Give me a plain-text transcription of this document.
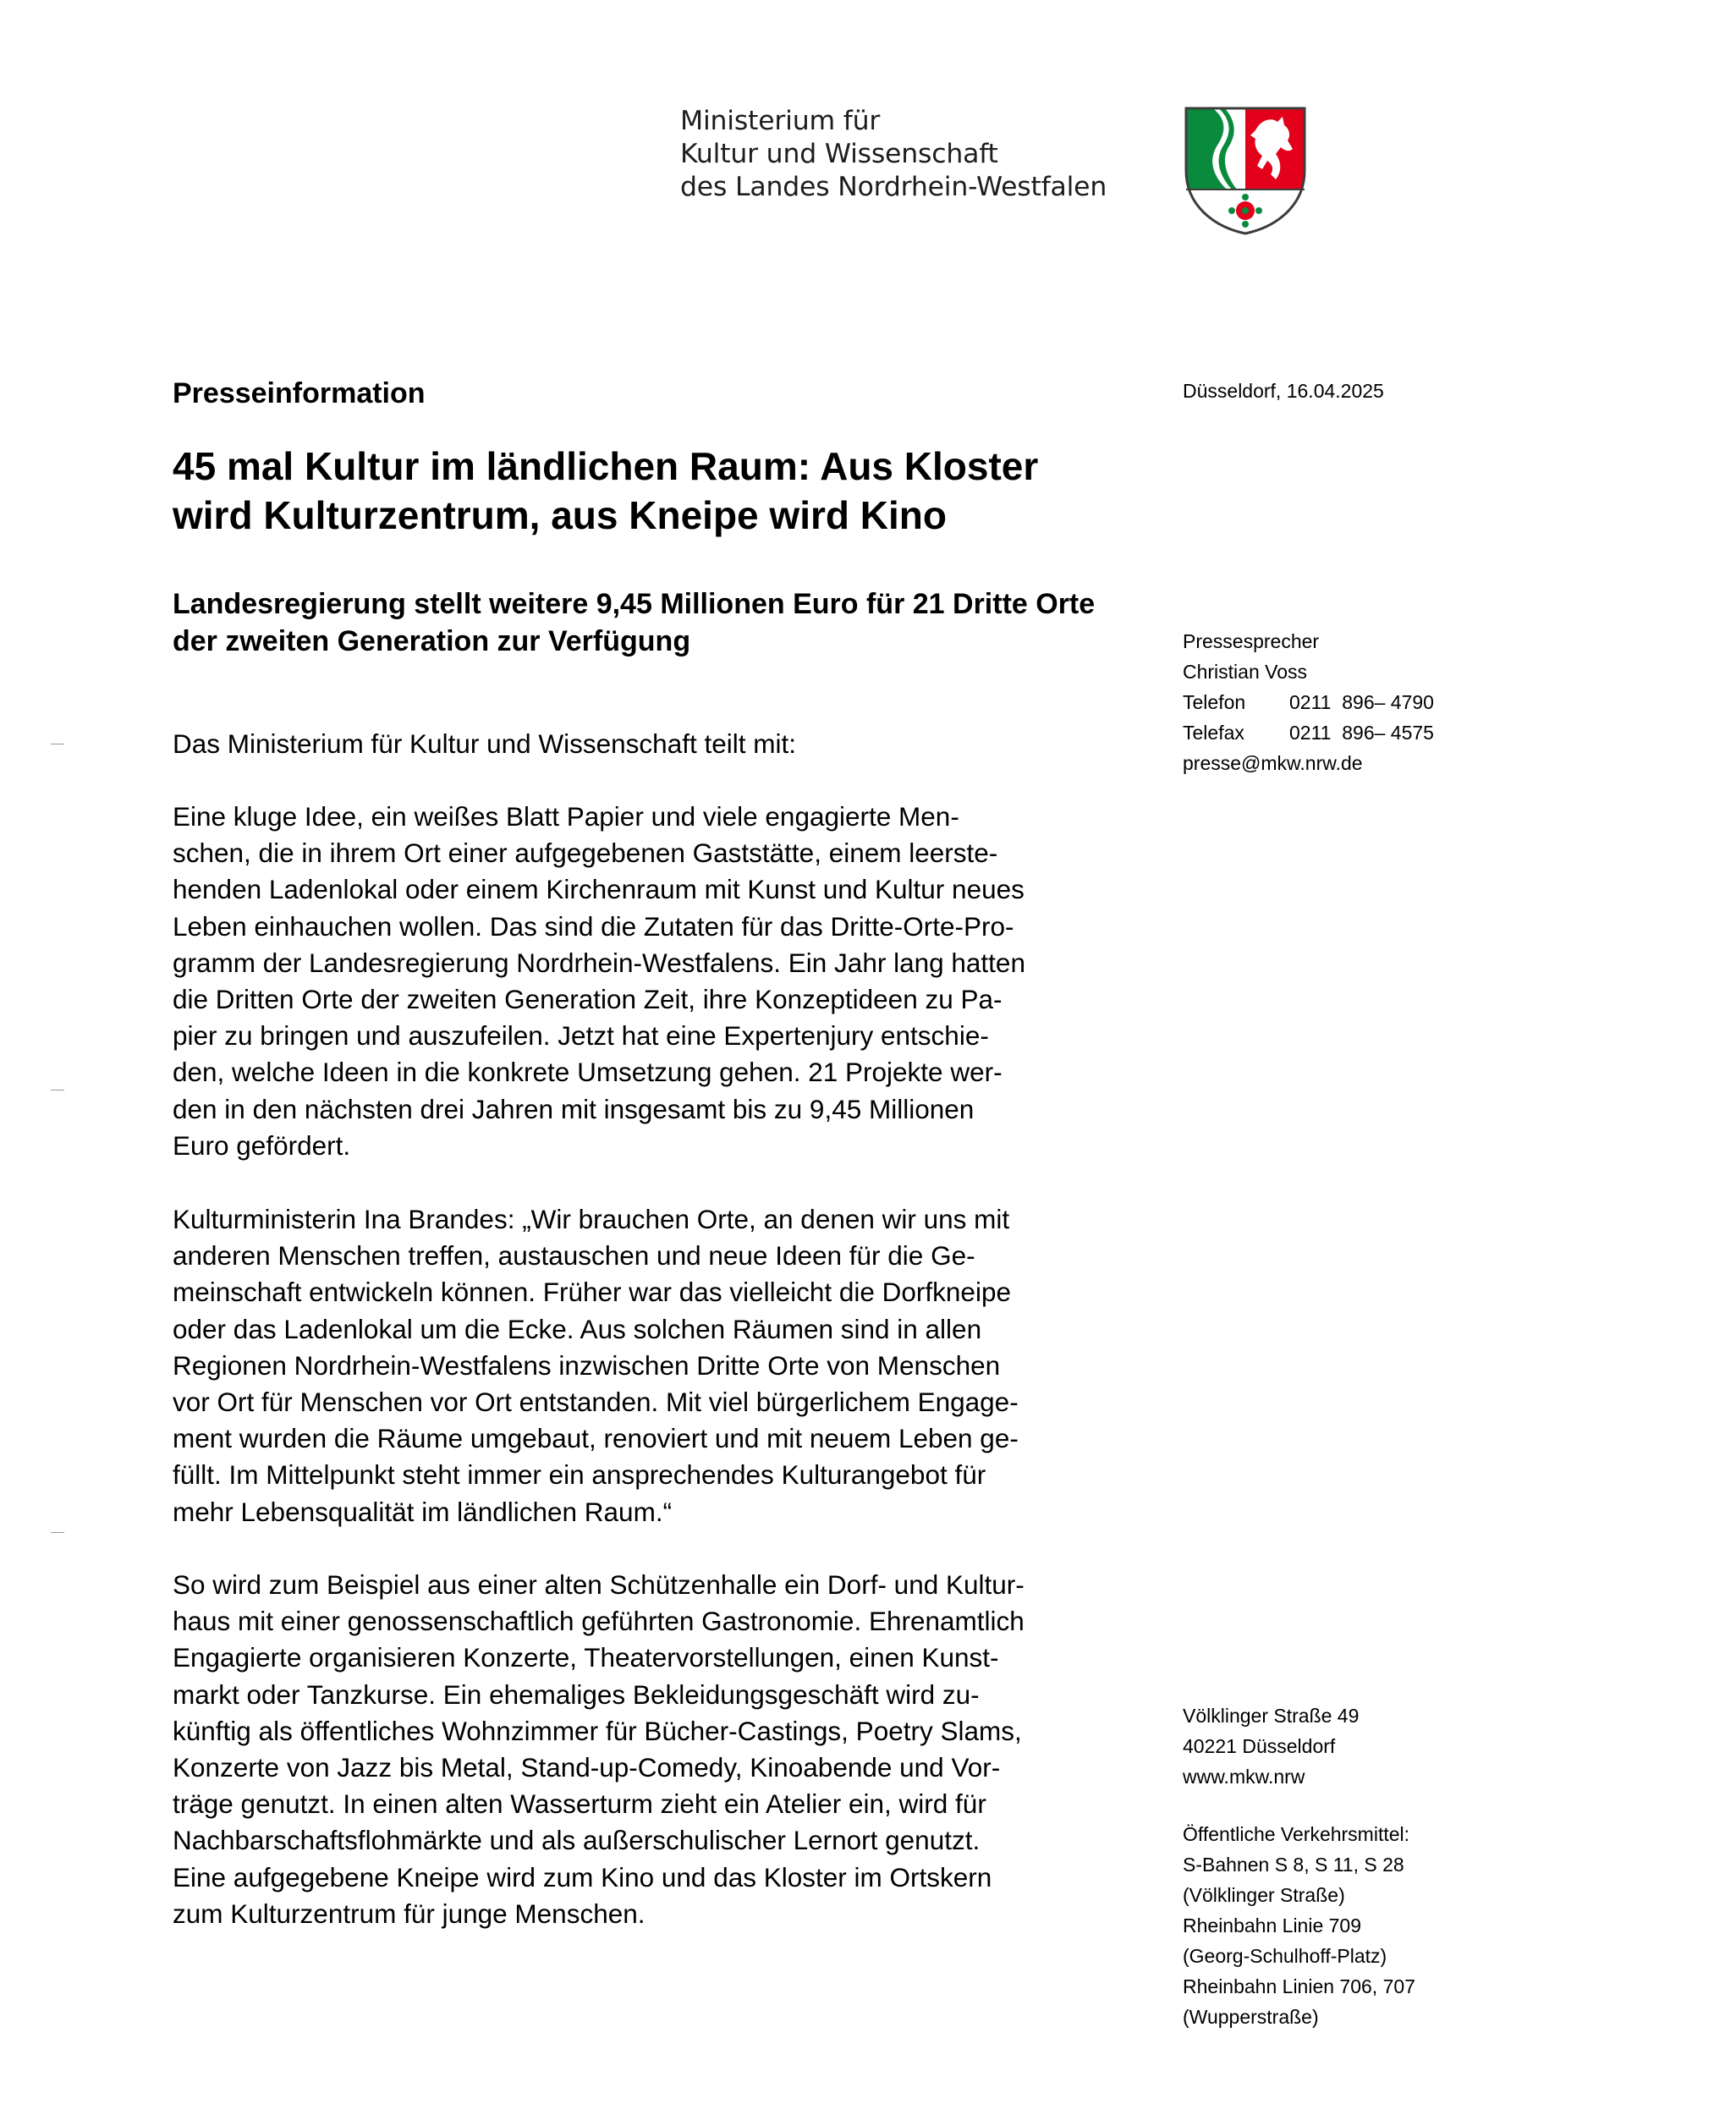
Ministerium für
Kultur und Wissenschaft
des Landes Nordrhein-Westfalen
Presseinformation
45 mal Kultur im ländlichen Raum: Aus Kloster
wird Kulturzentrum, aus Kneipe wird Kino
Landesregierung stellt weitere 9,45 Millionen Euro für 21 Dritte Orte
der zweiten Generation zur Verfügung
Das Ministerium für Kultur und Wissenschaft teilt mit:
Eine kluge Idee, ein weißes Blatt Papier und viele engagierte Men-
schen, die in ihrem Ort einer aufgegebenen Gaststätte, einem leerste-
henden Ladenlokal oder einem Kirchenraum mit Kunst und Kultur neues
Leben einhauchen wollen. Das sind die Zutaten für das Dritte-Orte-Pro-
gramm der Landesregierung Nordrhein-Westfalens. Ein Jahr lang hatten
die Dritten Orte der zweiten Generation Zeit, ihre Konzeptideen zu Pa-
pier zu bringen und auszufeilen. Jetzt hat eine Expertenjury entschie-
den, welche Ideen in die konkrete Umsetzung gehen. 21 Projekte wer-
den in den nächsten drei Jahren mit insgesamt bis zu 9,45 Millionen
Euro gefördert.
Kulturministerin Ina Brandes: „Wir brauchen Orte, an denen wir uns mit
anderen Menschen treffen, austauschen und neue Ideen für die Ge-
meinschaft entwickeln können. Früher war das vielleicht die Dorfkneipe
oder das Ladenlokal um die Ecke. Aus solchen Räumen sind in allen
Regionen Nordrhein-Westfalens inzwischen Dritte Orte von Menschen
vor Ort für Menschen vor Ort entstanden. Mit viel bürgerlichem Engage-
ment wurden die Räume umgebaut, renoviert und mit neuem Leben ge-
füllt. Im Mittelpunkt steht immer ein ansprechendes Kulturangebot für
mehr Lebensqualität im ländlichen Raum.“
So wird zum Beispiel aus einer alten Schützenhalle ein Dorf- und Kultur-
haus mit einer genossenschaftlich geführten Gastronomie. Ehrenamtlich
Engagierte organisieren Konzerte, Theatervorstellungen, einen Kunst-
markt oder Tanzkurse. Ein ehemaliges Bekleidungsgeschäft wird zu-
künftig als öffentliches Wohnzimmer für Bücher-Castings, Poetry Slams,
Konzerte von Jazz bis Metal, Stand-up-Comedy, Kinoabende und Vor-
träge genutzt. In einen alten Wasserturm zieht ein Atelier ein, wird für
Nachbarschaftsflohmärkte und als außerschulischer Lernort genutzt.
Eine aufgegebene Kneipe wird zum Kino und das Kloster im Ortskern
zum Kulturzentrum für junge Menschen.
Düsseldorf, 16.04.2025
Pressesprecher
Christian Voss
Telefon 0211  896– 4790
Telefax 0211  896– 4575
presse@mkw.nrw.de
Völklinger Straße 49
40221 Düsseldorf
www.mkw.nrw
Öffentliche Verkehrsmittel:
S-Bahnen S 8, S 11, S 28
(Völklinger Straße)
Rheinbahn Linie 709
(Georg-Schulhoff-Platz)
Rheinbahn Linien 706, 707
(Wupperstraße)
